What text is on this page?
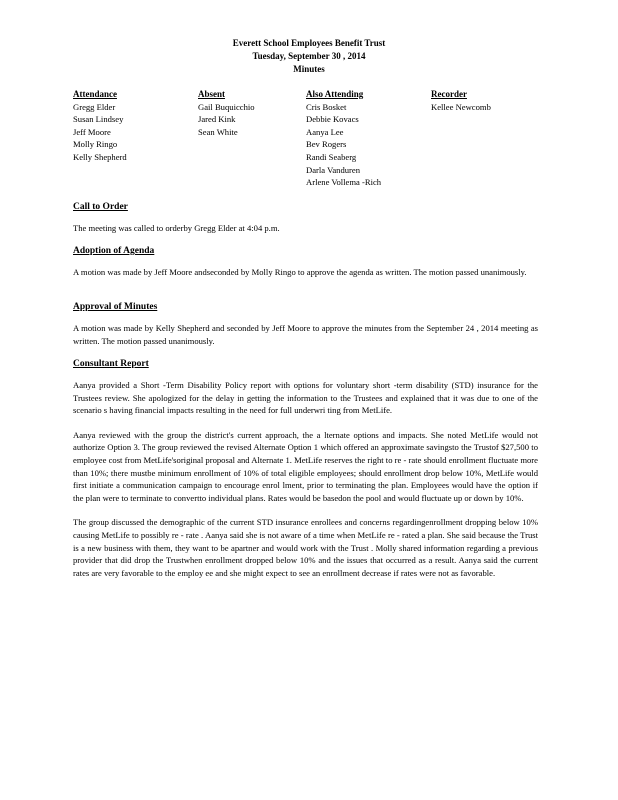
Everett School Employees Benefit Trust
Tuesday, September 30 , 2014
Minutes
Attendance
Gregg Elder
Susan Lindsey
Jeff Moore
Molly Ringo
Kelly Shepherd
Absent
Gail Buquicchio
Jared Kink
Sean White
Also Attending
Cris Bosket
Debbie Kovacs
Aanya Lee
Bev Rogers
Randi Seaberg
Darla Vanduren
Arlene Vollema -Rich
Recorder
Kellee Newcomb
Call to Order

The meeting was called to orderby Gregg Elder at 4:04 p.m.

Adoption of Agenda

A motion was made by Jeff Moore andseconded by Molly Ringo to approve the agenda as written. The motion passed unanimously.

Approval of Minutes

A motion was made by Kelly Shepherd and seconded by Jeff Moore to approve the minutes from the September 24 , 2014 meeting as written. The motion passed unanimously.

Consultant Report

Aanya provided a Short -Term Disability Policy report with options for voluntary short -term disability (STD) insurance for the Trustees review. She apologized for the delay in getting the information to the Trustees and explained that it was due to one of the scenario s having financial impacts resulting in the need for full underwri ting from MetLife.

Aanya reviewed with the group the district's current approach, the a lternate options and impacts. She noted MetLife would not authorize Option 3. The group reviewed the revised Alternate Option 1 which offered an approximate savingsto the Trustof $27,500 to employee cost from MetLife'soriginal proposal and Alternate 1. MetLife reserves the right to re - rate should enrollment fluctuate more than 10%; there mustbe minimum enrollment of 10% of total eligible employees; should enrollment drop below 10%, MetLife would first initiate a communication campaign to encourage enrol lment, prior to terminating the plan. Employees would have the option if the plan were to terminate to convertto individual plans. Rates would be basedon the pool and would fluctuate up or down by 10%.

The group discussed the demographic of the current STD insurance enrollees and concerns regardingenrollment dropping below 10% causing MetLife to possibly re - rate . Aanya said she is not aware of a time when MetLife re - rated a plan. She said because the Trust is a new business with them, they want to be apartner and would work with the Trust . Molly shared information regarding a previous provider that did drop the Trustwhen enrollment dropped below 10% and the issues that occurred as a result. Aanya said the current rates are very favorable to the employ ee and she might expect to see an enrollment decrease if rates were not as favorable.
